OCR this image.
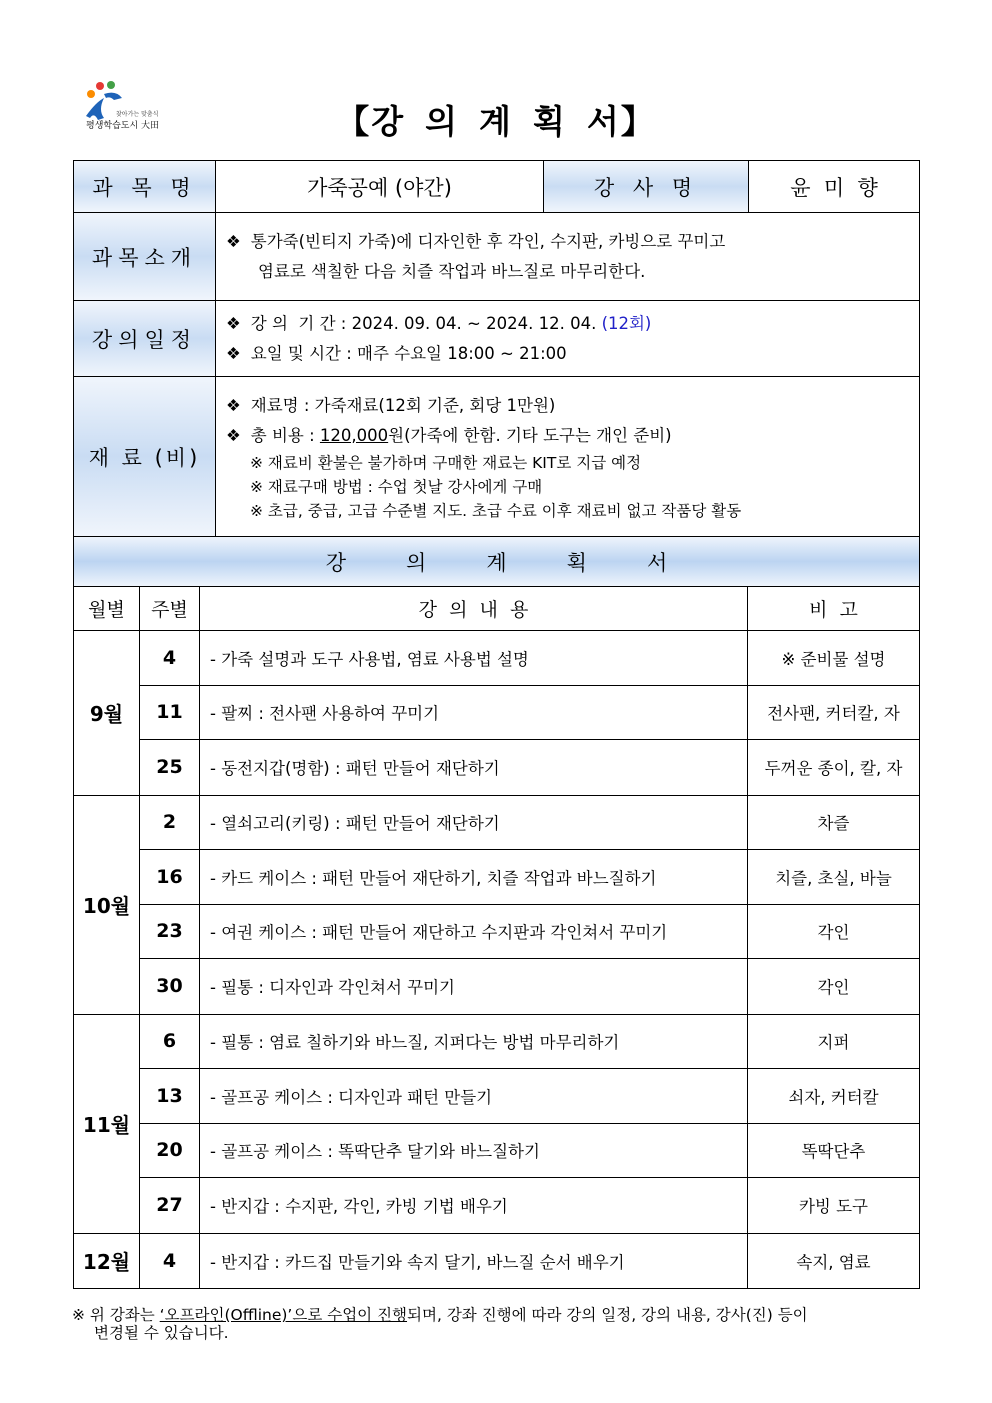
찾아가는 맞춤식
평생학습도시 大田	【강 의 계 획 서】
과 목 명	가죽공예 (야간)	강 사 명	윤  미  향
과목소개
❖ 통가죽(빈티지 가죽)에 디자인한 후 각인, 수지판, 카빙으로 꾸미고
염료로 색칠한 다음 치즐 작업과 바느질로 마무리한다.
강의일정
❖ 강 의  기 간 : 2024. 09. 04. ~ 2024. 12. 04. (12회)
❖ 요일 및 시간 : 매주 수요일 18:00 ~ 21:00
재 료 (비)
❖ 재료명 : 가죽재료(12회 기준, 회당 1만원)
❖ 총 비용 : 120,000원(가죽에 한함. 기타 도구는 개인 준비)
※ 재료비 환불은 불가하며 구매한 재료는 KIT로 지급 예정
※ 재료구매 방법 : 수업 첫날 강사에게 구매
※ 초급, 중급, 고급 수준별 지도. 초급 수료 이후 재료비 없고 작품당 활동
강	의	계	획	서
월별	주별	강  의  내  용	비  고
9월
4	- 가죽 설명과 도구 사용법, 염료 사용법 설명	※ 준비물 설명
11	- 팔찌 : 전사팬 사용하여 꾸미기	전사팬, 커터칼, 자
25	- 동전지갑(명함) : 패턴 만들어 재단하기	두꺼운 종이, 칼, 자
10월
2	- 열쇠고리(키링) : 패턴 만들어 재단하기	차즐
16	- 카드 케이스 : 패턴 만들어 재단하기, 치즐 작업과 바느질하기	치즐, 초실, 바늘
23	- 여권 케이스 : 패턴 만들어 재단하고 수지판과 각인쳐서 꾸미기	각인
30	- 필통 : 디자인과 각인쳐서 꾸미기	각인
11월
6	- 필통 : 염료 칠하기와 바느질, 지퍼다는 방법 마무리하기	지퍼
13	- 골프공 케이스 : 디자인과 패턴 만들기	쇠자, 커터칼
20	- 골프공 케이스 : 똑딱단추 달기와 바느질하기	똑딱단추
27	- 반지갑 : 수지판, 각인, 카빙 기법 배우기	카빙 도구
12월	4	- 반지갑 : 카드집 만들기와 속지 달기, 바느질 순서 배우기	속지, 염료
※ 위 강좌는 ‘오프라인(Offline)’으로 수업이 진행되며, 강좌 진행에 따라 강의 일정, 강의 내용, 강사(진) 등이
변경될 수 있습니다.
